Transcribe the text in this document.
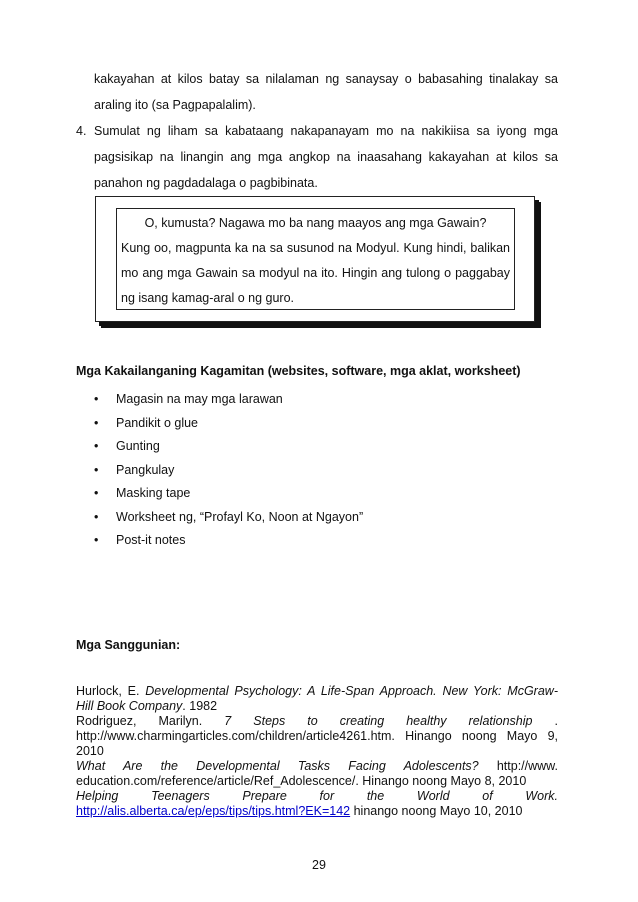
kakayahan at kilos batay sa nilalaman ng sanaysay o babasahing tinalakay sa
araling ito (sa Pagpapalalim).
4. Sumulat ng liham sa kabataang nakapanayam mo na nakikiisa sa iyong mga
pagsisikap na linangin ang mga angkop na inaasahang kakayahan at kilos sa
panahon ng pagdadalaga o pagbibinata.
O, kumusta? Nagawa mo ba nang maayos ang mga Gawain?
Kung oo, magpunta ka na sa susunod na Modyul. Kung hindi, balikan
mo ang mga Gawain sa modyul na ito. Hingin ang tulong o paggabay
ng isang kamag-aral o ng guro.
Mga Kakailanganing Kagamitan (websites, software, mga aklat, worksheet)
• Magasin na may mga larawan
• Pandikit o glue
• Gunting
• Pangkulay
• Masking tape
• Worksheet ng, “Profayl Ko, Noon at Ngayon”
• Post-it notes
Mga Sanggunian:
Hurlock, E. Developmental Psychology: A Life-Span Approach. New York: McGraw-
Hill Book Company. 1982
Rodriguez, Marilyn. 7 Steps to creating healthy relationship .
http://www.charmingarticles.com/children/article4261.htm. Hinango noong Mayo 9,
2010
What Are the Developmental Tasks Facing Adolescents? http://www.
education.com/reference/article/Ref_Adolescence/. Hinango noong Mayo 8, 2010
Helping Teenagers Prepare for the World of Work.
http://alis.alberta.ca/ep/eps/tips/tips.html?EK=142 hinango noong Mayo 10, 2010
29
